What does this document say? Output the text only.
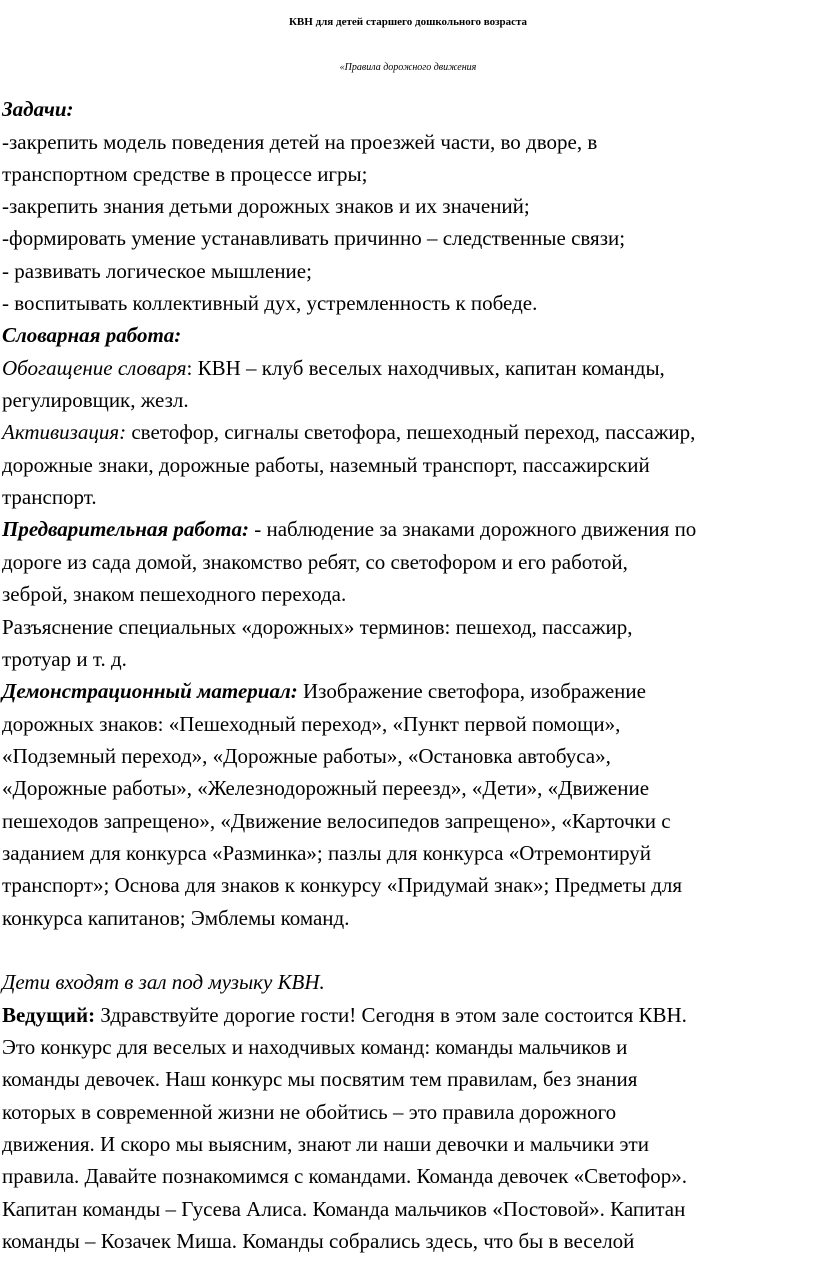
КВН для детей старшего дошкольного возраста
«Правила дорожного движения
Задачи:
-закрепить модель поведения детей на проезжей части, во дворе, в
транспортном средстве в процессе игры;
-закрепить знания детьми дорожных знаков и их значений;
-формировать умение устанавливать причинно – следственные связи;
- развивать логическое мышление;
- воспитывать коллективный дух, устремленность к победе.
Словарная работа:
Обогащение словаря: КВН – клуб веселых находчивых, капитан команды,
регулировщик, жезл.
Активизация: светофор, сигналы светофора, пешеходный переход, пассажир,
дорожные знаки, дорожные работы, наземный транспорт, пассажирский
транспорт.
Предварительная работа: - наблюдение за знаками дорожного движения по
дороге из сада домой, знакомство ребят, со светофором и его работой,
зеброй, знаком пешеходного перехода.
Разъяснение специальных «дорожных» терминов: пешеход, пассажир,
тротуар и т. д.
Демонстрационный материал: Изображение светофора, изображение
дорожных знаков: «Пешеходный переход», «Пункт первой помощи»,
«Подземный переход», «Дорожные работы», «Остановка автобуса»,
«Дорожные работы», «Железнодорожный переезд», «Дети», «Движение
пешеходов запрещено», «Движение велосипедов запрещено», «Карточки с
заданием для конкурса «Разминка»; пазлы для конкурса «Отремонтируй
транспорт»; Основа для знаков к конкурсу «Придумай знак»; Предметы для
конкурса капитанов; Эмблемы команд.
Дети входят в зал под музыку КВН.
Ведущий: Здравствуйте дорогие гости! Сегодня в этом зале состоится КВН.
Это конкурс для веселых и находчивых команд: команды мальчиков и
команды девочек. Наш конкурс мы посвятим тем правилам, без знания
которых в современной жизни не обойтись – это правила дорожного
движения. И скоро мы выясним, знают ли наши девочки и мальчики эти
правила. Давайте познакомимся с командами. Команда девочек «Светофор».
Капитан команды – Гусева Алиса. Команда мальчиков «Постовой». Капитан
команды – Козачек Миша. Команды собрались здесь, что бы в веселой
